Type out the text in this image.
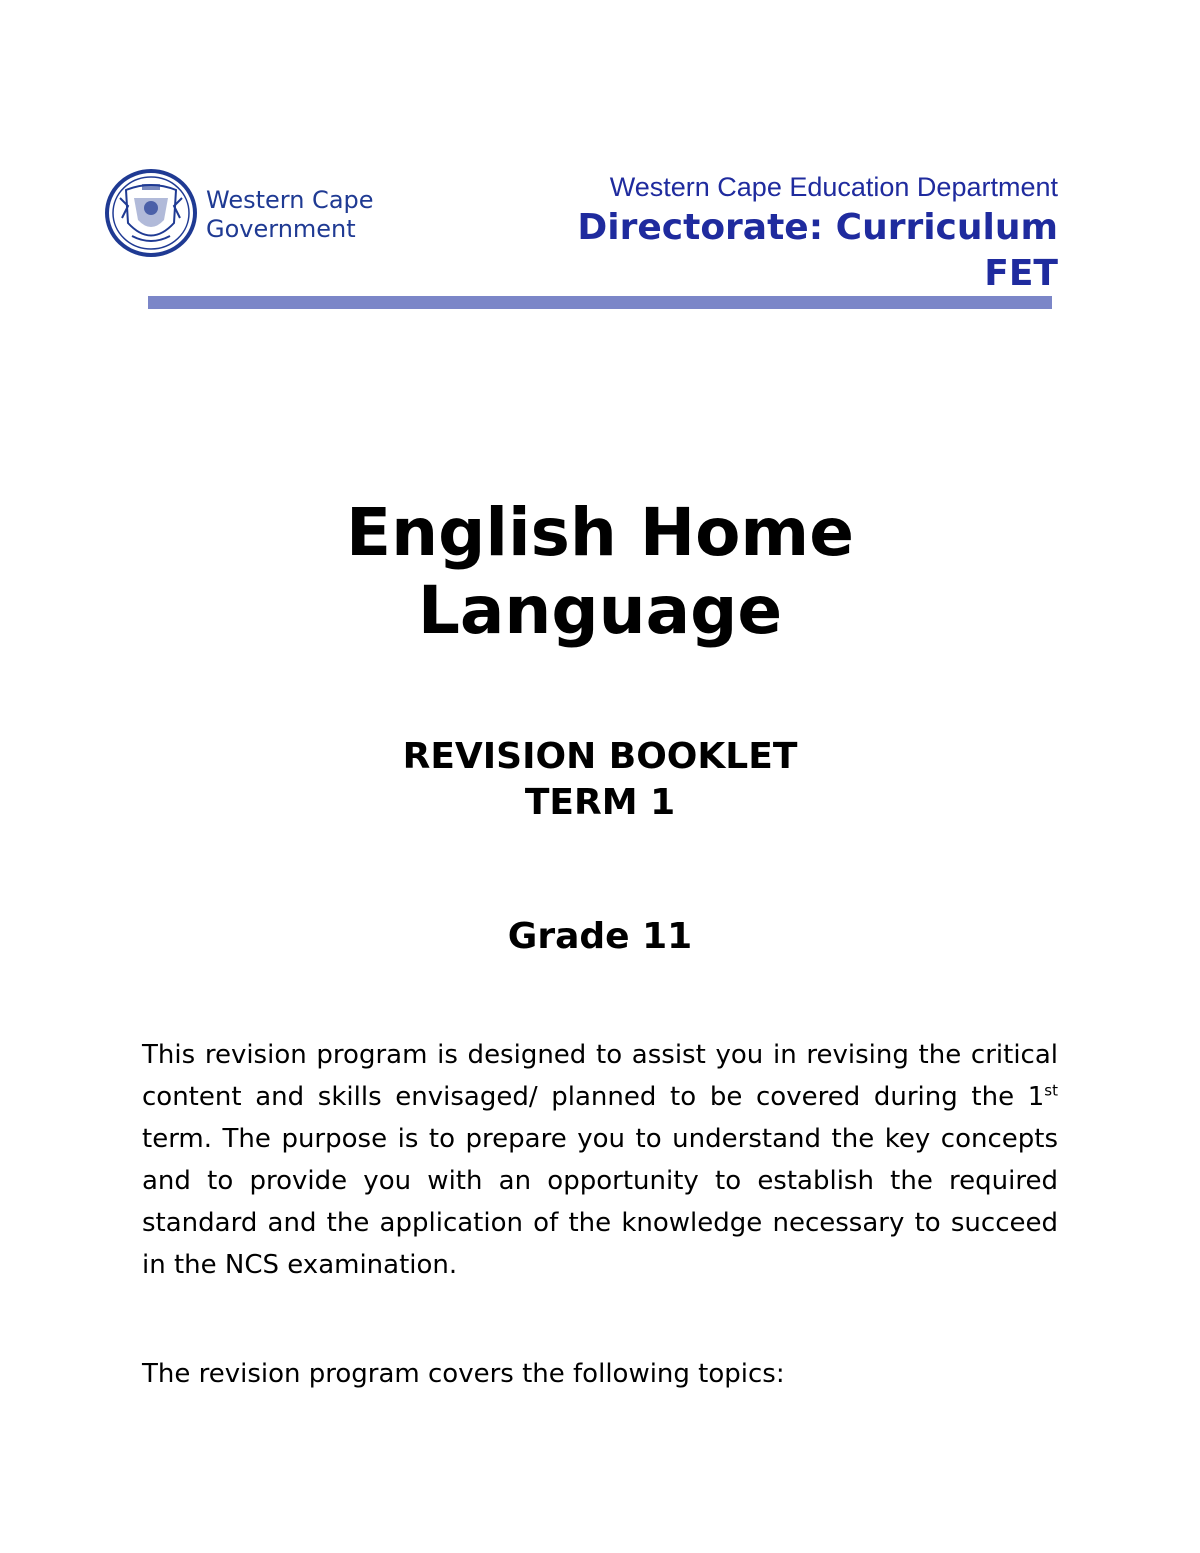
Western Cape
Government
Western Cape Education Department
Directorate: Curriculum
FET
English Home
Language
REVISION BOOKLET
TERM 1
Grade 11

This revision program is designed to assist you in revising the critical content and skills envisaged/ planned to be covered during the 1st term. The purpose is to prepare you to understand the key concepts and to provide you with an opportunity to establish the required standard and the application of the knowledge necessary to succeed in the NCS examination.

The revision program covers the following topics:
